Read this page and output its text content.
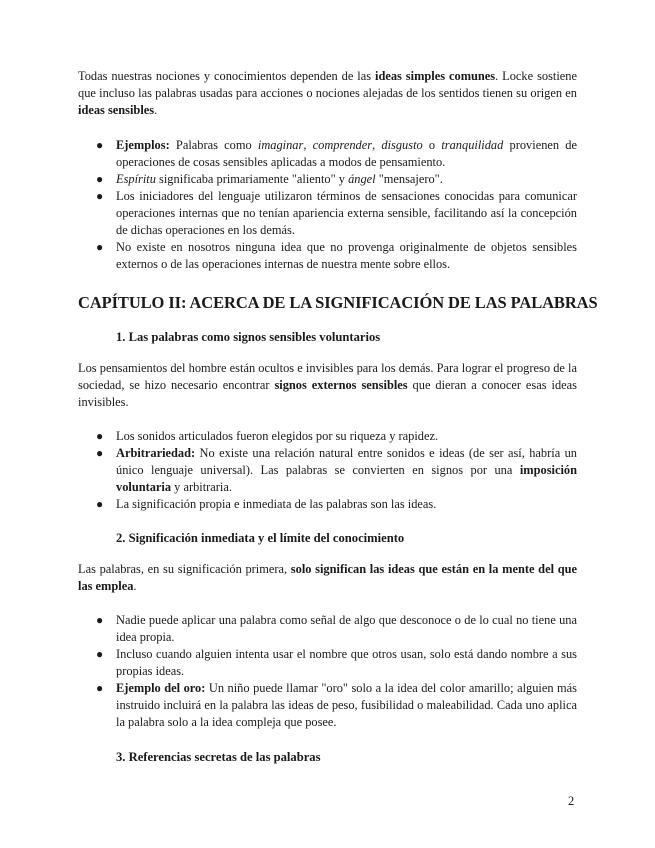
Todas nuestras nociones y conocimientos dependen de las ideas simples comunes. Locke sostiene que incluso las palabras usadas para acciones o nociones alejadas de los sentidos tienen su origen en ideas sensibles.

● Ejemplos: Palabras como imaginar, comprender, disgusto o tranquilidad provienen de operaciones de cosas sensibles aplicadas a modos de pensamiento.
● Espíritu significaba primariamente "aliento" y ángel "mensajero".
● Los iniciadores del lenguaje utilizaron términos de sensaciones conocidas para comunicar operaciones internas que no tenían apariencia externa sensible, facilitando así la concepción de dichas operaciones en los demás.
● No existe en nosotros ninguna idea que no provenga originalmente de objetos sensibles externos o de las operaciones internas de nuestra mente sobre ellos.
CAPÍTULO II: ACERCA DE LA SIGNIFICACIÓN DE LAS PALABRAS
1. Las palabras como signos sensibles voluntarios

Los pensamientos del hombre están ocultos e invisibles para los demás. Para lograr el progreso de la sociedad, se hizo necesario encontrar signos externos sensibles que dieran a conocer esas ideas invisibles.

● Los sonidos articulados fueron elegidos por su riqueza y rapidez.
● Arbitrariedad: No existe una relación natural entre sonidos e ideas (de ser así, habría un único lenguaje universal). Las palabras se convierten en signos por una imposición voluntaria y arbitraria.
● La significación propia e inmediata de las palabras son las ideas.
2. Significación inmediata y el límite del conocimiento

Las palabras, en su significación primera, solo significan las ideas que están en la mente del que las emplea.

● Nadie puede aplicar una palabra como señal de algo que desconoce o de lo cual no tiene una idea propia.
● Incluso cuando alguien intenta usar el nombre que otros usan, solo está dando nombre a sus propias ideas.
● Ejemplo del oro: Un niño puede llamar "oro" solo a la idea del color amarillo; alguien más instruido incluirá en la palabra las ideas de peso, fusibilidad o maleabilidad. Cada uno aplica la palabra solo a la idea compleja que posee.
3. Referencias secretas de las palabras
2
